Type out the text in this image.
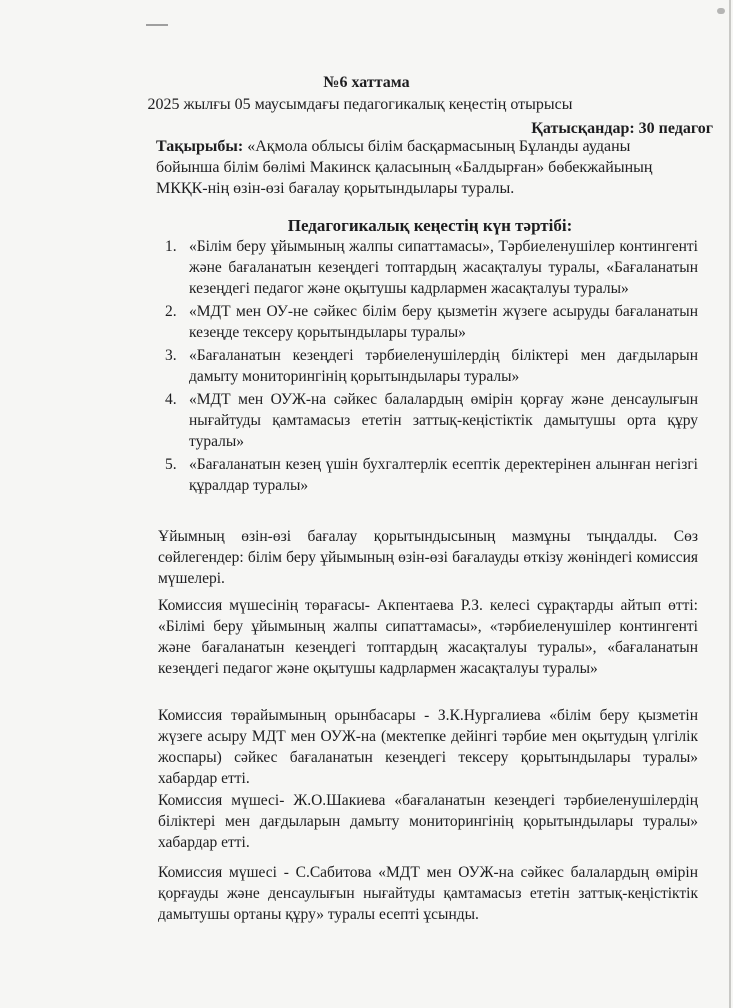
№6 хаттама
2025 жылғы 05 маусымдағы педагогикалық кеңестің отырысы
Қатысқандар: 30 педагог
Тақырыбы: «Ақмола облысы білім басқармасының Бұланды ауданы бойынша білім бөлімі Макинск қаласының «Балдырған» бөбекжайының МКҚК-нің өзін-өзі бағалау қорытындылары туралы.
Педагогикалық кеңестің күн тәртібі:
1. «Білім беру ұйымының жалпы сипаттамасы», Тәрбиеленушілер контингенті және бағаланатын кезеңдегі топтардың жасақталуы туралы, «Бағаланатын кезеңдегі педагог және оқытушы кадрлармен жасақталуы туралы»
2. «МДТ мен ОУ-не сәйкес білім беру қызметін жүзеге асыруды бағаланатын кезеңде тексеру қорытындылары туралы»
3. «Бағаланатын кезеңдегі тәрбиеленушілердің біліктері мен дағдыларын дамыту мониторингінің қорытындылары туралы»
4. «МДТ мен ОУЖ-на сәйкес балалардың өмірін қорғау және денсаулығын нығайтуды қамтамасыз ететін заттық-кеңістіктік дамытушы орта құру туралы»
5. «Бағаланатын кезең үшін бухгалтерлік есептік деректерінен алынған негізгі құралдар туралы»
Ұйымның өзін-өзі бағалау қорытындысының мазмұны тыңдалды. Сөз сөйлегендер: білім беру ұйымының өзін-өзі бағалауды өткізу жөніндегі комиссия мүшелері.
Комиссия мүшесінің төрағасы- Акпентаева Р.З. келесі сұрақтарды айтып өтті: «Білімі беру ұйымының жалпы сипаттамасы», «тәрбиеленушілер контингенті және бағаланатын кезеңдегі топтардың жасақталуы туралы», «бағаланатын кезеңдегі педагог және оқытушы кадрлармен жасақталуы туралы»
Комиссия төрайымының орынбасары - З.К.Нургалиева «білім беру қызметін жүзеге асыру МДТ мен ОУЖ-на (мектепке дейінгі тәрбие мен оқытудың үлгілік жоспары) сәйкес бағаланатын кезеңдегі тексеру қорытындылары туралы» хабардар етті.
Комиссия мүшесі- Ж.О.Шакиева «бағаланатын кезеңдегі тәрбиеленушілердің біліктері мен дағдыларын дамыту мониторингінің қорытындылары туралы» хабардар етті.
Комиссия мүшесі - С.Сабитова «МДТ мен ОУЖ-на сәйкес балалардың өмірін қорғауды және денсаулығын нығайтуды қамтамасыз ететін заттық-кеңістіктік дамытушы ортаны құру» туралы есепті ұсынды.
